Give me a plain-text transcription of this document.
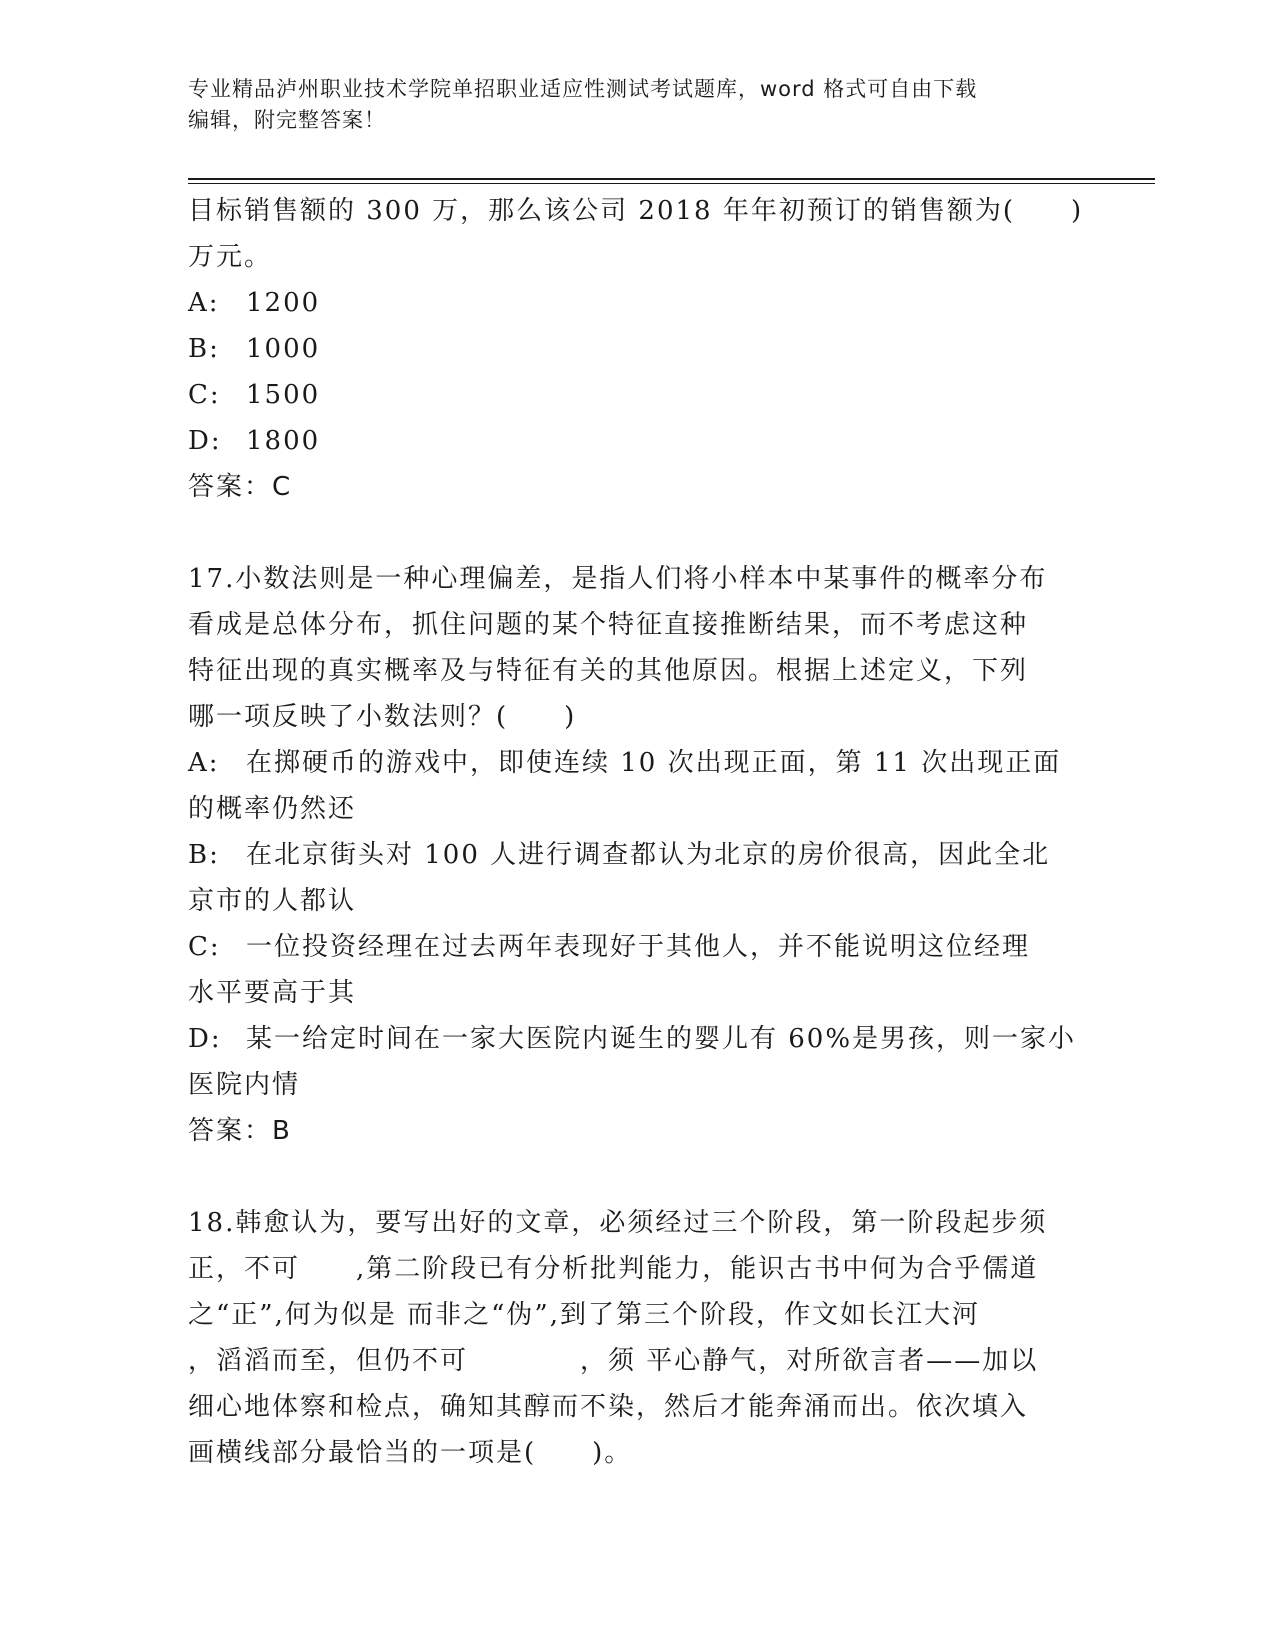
专业精品泸州职业技术学院单招职业适应性测试考试题库，word 格式可自由下载
编辑，附完整答案！
目标销售额的 300 万，那么该公司 2018 年年初预订的销售额为(　　)
万元。
A: 1200
B: 1000
C: 1500
D: 1800
答案：C
17.小数法则是一种心理偏差，是指人们将小样本中某事件的概率分布
看成是总体分布，抓住问题的某个特征直接推断结果，而不考虑这种
特征出现的真实概率及与特征有关的其他原因。根据上述定义，下列
哪一项反映了小数法则？(　　)
A: 在掷硬币的游戏中，即使连续 10 次出现正面，第 11 次出现正面
的概率仍然还
B: 在北京街头对 100 人进行调查都认为北京的房价很高，因此全北
京市的人都认
C: 一位投资经理在过去两年表现好于其他人，并不能说明这位经理
水平要高于其
D: 某一给定时间在一家大医院内诞生的婴儿有 60%是男孩，则一家小
医院内情
答案：B
18.韩愈认为，要写出好的文章，必须经过三个阶段，第一阶段起步须
正，不可　　,第二阶段已有分析批判能力，能识古书中何为合乎儒道
之“正”,何为似是 而非之“伪”,到了第三个阶段，作文如长江大河
，滔滔而至，但仍不可　　　　，须 平心静气，对所欲言者——加以
细心地体察和检点，确知其醇而不染，然后才能奔涌而出。依次填入
画横线部分最恰当的一项是(　　)。
